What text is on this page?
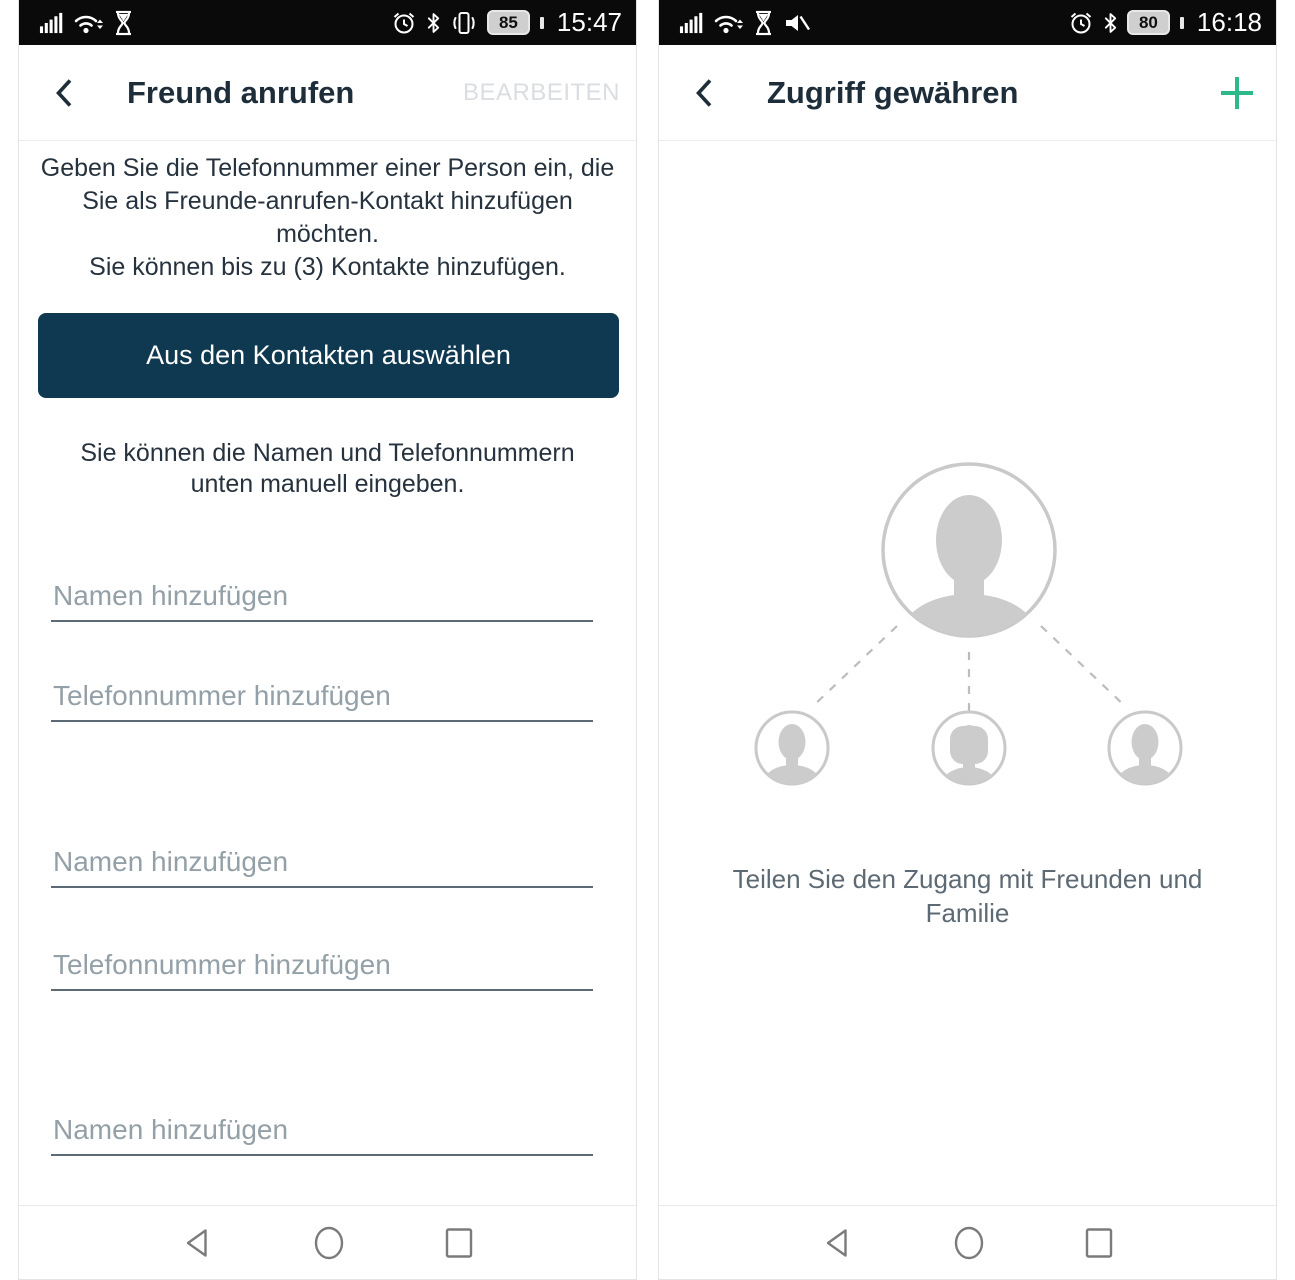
85 15:47
Freund anrufen	BEARBEITEN
Geben Sie die Telefonnummer einer Person ein, die Sie als Freunde-anrufen-Kontakt hinzufügen möchten.
Sie können bis zu (3) Kontakte hinzufügen.
Aus den Kontakten auswählen
Sie können die Namen und Telefonnummern unten manuell eingeben.
Namen hinzufügen
Telefonnummer hinzufügen
Namen hinzufügen
Telefonnummer hinzufügen
Namen hinzufügen
80 16:18
Zugriff gewähren
Teilen Sie den Zugang mit Freunden und Familie
